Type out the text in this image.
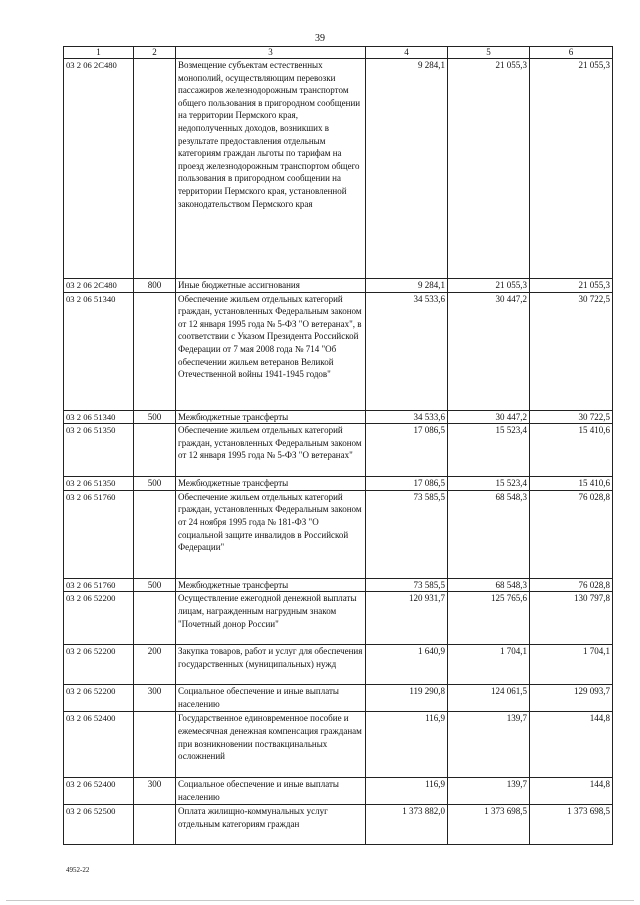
39
1	2	3	4	5	6
03 2 06 2C480		Возмещение субъектам естественных монополий, осуществляющим перевозки пассажиров железнодорожным транспортом общего пользования в пригородном сообщении на территории Пермского края, недополученных доходов, возникших в результате предоставления отдельным категориям граждан льготы по тарифам на проезд железнодорожным транспортом общего пользования в пригородном сообщении на территории Пермского края, установленной законодательством Пермского края	9 284,1	21 055,3	21 055,3
03 2 06 2C480	800	Иные бюджетные ассигнования	9 284,1	21 055,3	21 055,3
03 2 06 51340		Обеспечение жильем отдельных категорий граждан, установленных Федеральным законом от 12 января 1995 года № 5-ФЗ "О ветеранах", в соответствии с Указом Президента Российской Федерации от 7 мая 2008 года № 714 "Об обеспечении жильем ветеранов Великой Отечественной войны 1941-1945 годов"	34 533,6	30 447,2	30 722,5
03 2 06 51340	500	Межбюджетные трансферты	34 533,6	30 447,2	30 722,5
03 2 06 51350		Обеспечение жильем отдельных категорий граждан, установленных Федеральным законом от 12 января 1995 года № 5-ФЗ "О ветеранах"	17 086,5	15 523,4	15 410,6
03 2 06 51350	500	Межбюджетные трансферты	17 086,5	15 523,4	15 410,6
03 2 06 51760		Обеспечение жильем отдельных категорий граждан, установленных Федеральным законом от 24 ноября 1995 года № 181-ФЗ "О социальной защите инвалидов в Российской Федерации"	73 585,5	68 548,3	76 028,8
03 2 06 51760	500	Межбюджетные трансферты	73 585,5	68 548,3	76 028,8
03 2 06 52200		Осуществление ежегодной денежной выплаты лицам, награжденным нагрудным знаком "Почетный донор России"	120 931,7	125 765,6	130 797,8
03 2 06 52200	200	Закупка товаров, работ и услуг для обеспечения государственных (муниципальных) нужд	1 640,9	1 704,1	1 704,1
03 2 06 52200	300	Социальное обеспечение и иные выплаты населению	119 290,8	124 061,5	129 093,7
03 2 06 52400		Государственное единовременное пособие и ежемесячная денежная компенсация гражданам при возникновении поствакцинальных осложнений	116,9	139,7	144,8
03 2 06 52400	300	Социальное обеспечение и иные выплаты населению	116,9	139,7	144,8
03 2 06 52500		Оплата жилищно-коммунальных услуг отдельным категориям граждан	1 373 882,0	1 373 698,5	1 373 698,5
4952-22
